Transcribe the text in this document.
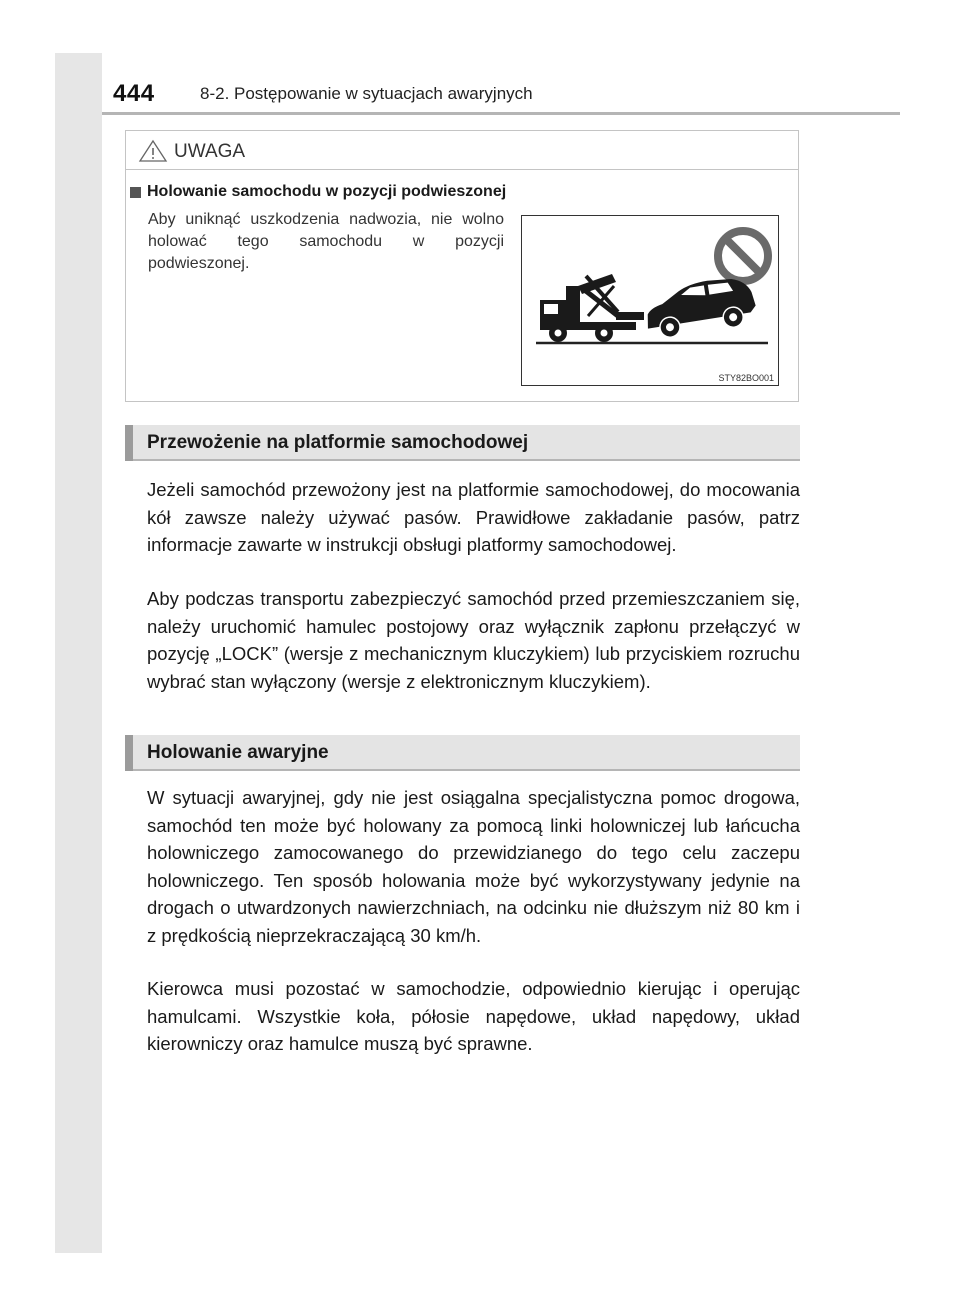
444	8-2. Postępowanie w sytuacjach awaryjnych
UWAGA
Holowanie samochodu w pozycji podwieszonej
Aby uniknąć uszkodzenia nadwozia, nie wolno holować tego samochodu w pozycji podwieszonej.
STY82BO001
Przewożenie na platformie samochodowej

Jeżeli samochód przewożony jest na platformie samochodowej, do mocowania kół zawsze należy używać pasów. Prawidłowe zakładanie pasów, patrz informacje zawarte w instrukcji obsługi platformy samochodowej.

Aby podczas transportu zabezpieczyć samochód przed przemieszczaniem się, należy uruchomić hamulec postojowy oraz wyłącznik zapłonu przełączyć w pozycję „LOCK” (wersje z mechanicznym kluczykiem) lub przyciskiem rozruchu wybrać stan wyłączony (wersje z elektronicznym kluczykiem).

Holowanie awaryjne

W sytuacji awaryjnej, gdy nie jest osiągalna specjalistyczna pomoc drogowa, samochód ten może być holowany za pomocą linki holowniczej lub łańcucha holowniczego zamocowanego do przewidzianego do tego celu zaczepu holowniczego. Ten sposób holowania może być wykorzystywany jedynie na drogach o utwardzonych nawierzchniach, na odcinku nie dłuższym niż 80 km i z prędkością nieprzekraczającą 30 km/h.

Kierowca musi pozostać w samochodzie, odpowiednio kierując i operując hamulcami. Wszystkie koła, półosie napędowe, układ napędowy, układ kierowniczy oraz hamulce muszą być sprawne.
